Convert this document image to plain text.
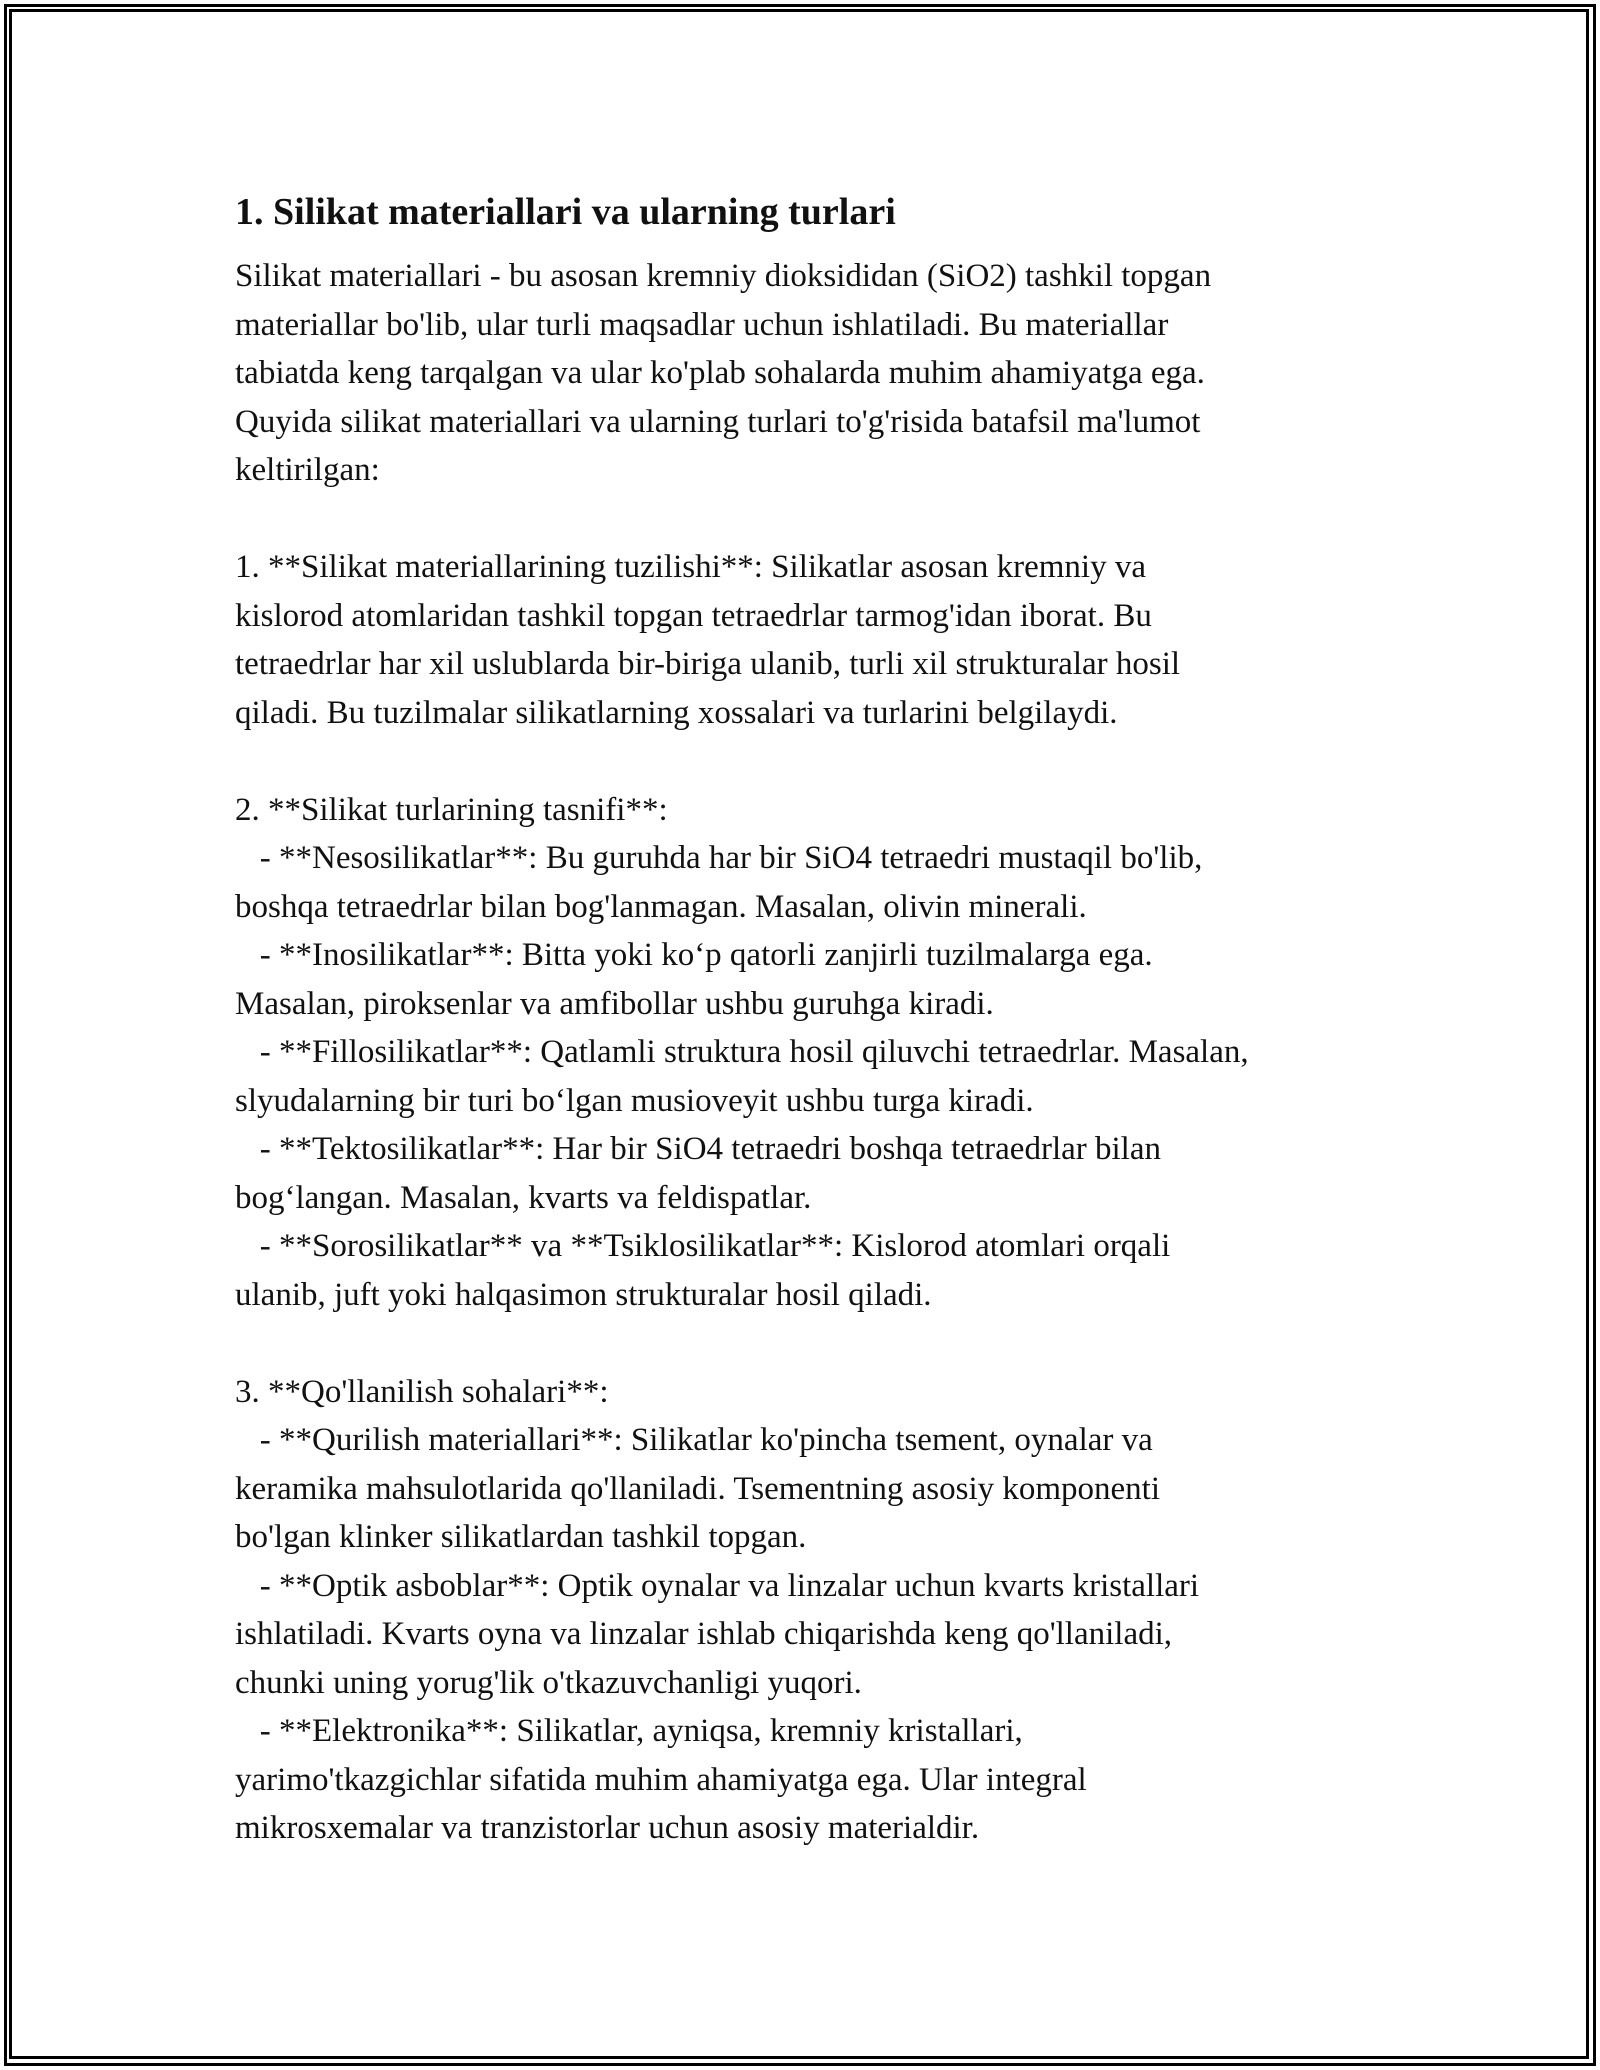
1. Silikat materiallari va ularning turlari
Silikat materiallari - bu asosan kremniy dioksididan (SiO2) tashkil topgan
materiallar bo'lib, ular turli maqsadlar uchun ishlatiladi. Bu materiallar
tabiatda keng tarqalgan va ular ko'plab sohalarda muhim ahamiyatga ega.
Quyida silikat materiallari va ularning turlari to'g'risida batafsil ma'lumot
keltirilgan:
1. **Silikat materiallarining tuzilishi**: Silikatlar asosan kremniy va
kislorod atomlaridan tashkil topgan tetraedrlar tarmog'idan iborat. Bu
tetraedrlar har xil uslublarda bir-biriga ulanib, turli xil strukturalar hosil
qiladi. Bu tuzilmalar silikatlarning xossalari va turlarini belgilaydi.
2. **Silikat turlarining tasnifi**:
- **Nesosilikatlar**: Bu guruhda har bir SiO4 tetraedri mustaqil bo'lib,
boshqa tetraedrlar bilan bog'lanmagan. Masalan, olivin minerali.
- **Inosilikatlar**: Bitta yoki ko‘p qatorli zanjirli tuzilmalarga ega.
Masalan, piroksenlar va amfibollar ushbu guruhga kiradi.
- **Fillosilikatlar**: Qatlamli struktura hosil qiluvchi tetraedrlar. Masalan,
slyudalarning bir turi bo‘lgan musioveyit ushbu turga kiradi.
- **Tektosilikatlar**: Har bir SiO4 tetraedri boshqa tetraedrlar bilan
bog‘langan. Masalan, kvarts va feldispatlar.
- **Sorosilikatlar** va **Tsiklosilikatlar**: Kislorod atomlari orqali
ulanib, juft yoki halqasimon strukturalar hosil qiladi.
3. **Qo'llanilish sohalari**:
- **Qurilish materiallari**: Silikatlar ko'pincha tsement, oynalar va
keramika mahsulotlarida qo'llaniladi. Tsementning asosiy komponenti
bo'lgan klinker silikatlardan tashkil topgan.
- **Optik asboblar**: Optik oynalar va linzalar uchun kvarts kristallari
ishlatiladi. Kvarts oyna va linzalar ishlab chiqarishda keng qo'llaniladi,
chunki uning yorug'lik o'tkazuvchanligi yuqori.
- **Elektronika**: Silikatlar, ayniqsa, kremniy kristallari,
yarimo'tkazgichlar sifatida muhim ahamiyatga ega. Ular integral
mikrosxemalar va tranzistorlar uchun asosiy materialdir.
